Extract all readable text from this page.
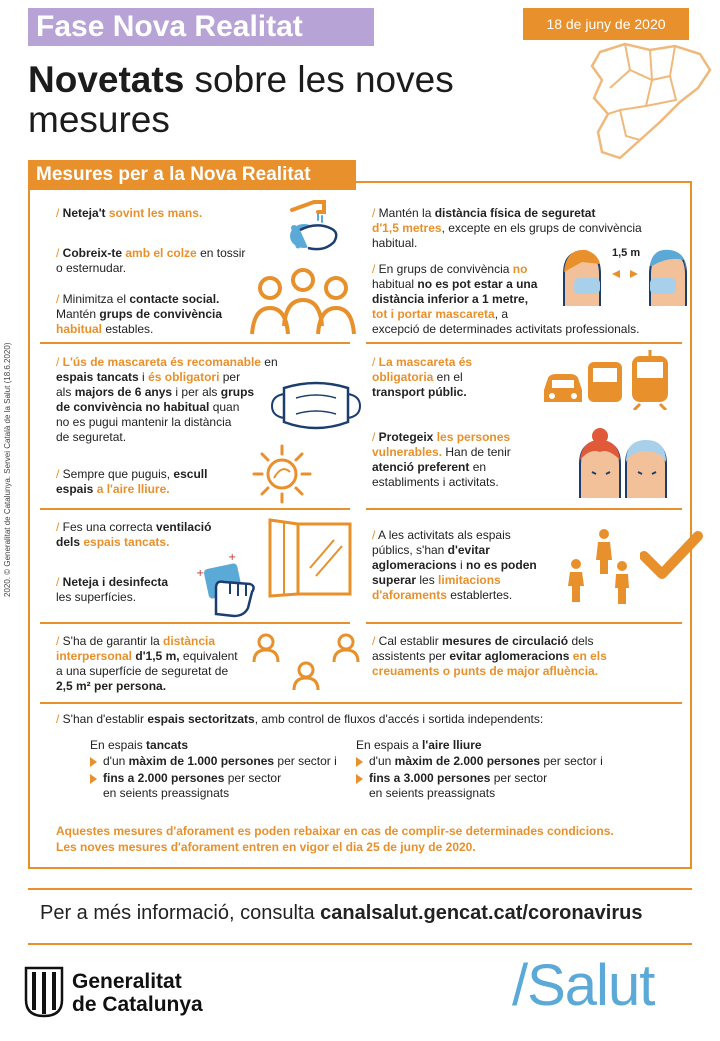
Fase Nova Realitat	18 de juny de 2020
Novetats sobre les noves
mesures
Mesures per a la Nova Realitat
2020. © Generalitat de Catalunya. Servei Català de la Salut (18.6.2020)
/ Neteja't sovint les mans.
/ Cobreix-te amb el colze en tossir
o esternudar.
/ Minimitza el contacte social.
Mantén grups de convivència
habitual estables.
/ L'ús de mascareta és recomanable en
espais tancats i és obligatori per
als majors de 6 anys i per als grups
de convivència no habitual quan
no es pugui mantenir la distància
de seguretat.
/ Sempre que puguis, escull
espais a l'aire lliure.
/ Fes una correcta ventilació
dels espais tancats.
/ Neteja i desinfecta
les superfícies.
+
+
/ S'ha de garantir la distància
interpersonal d'1,5 m, equivalent
a una superfície de seguretat de
2,5 m² per persona.
/ Mantén la distància física de seguretat
d'1,5 metres, excepte en els grups de convivència
habitual.
/ En grups de convivència no
habitual no es pot estar a una
distància inferior a 1 metre,
tot i portar mascareta, a
excepció de determinades activitats professionals.
1,5 m
/ La mascareta és
obligatoria en el
transport públic.
/ Protegeix les persones
vulnerables. Han de tenir
atenció preferent en
establiments i activitats.
/ A les activitats als espais
públics, s'han d'evitar
aglomeracions i no es poden
superar les limitacions
d'aforaments establertes.
/ Cal establir mesures de circulació dels
assistents per evitar aglomeracions en els
creuaments o punts de major afluència.
/ S'han d'establir espais sectoritzats, amb control de fluxos d'accés i sortida independents:
En espais tancats
d'un màxim de 1.000 persones per sector i
fins a 2.000 persones per sector
en seients preassignats
En espais a l'aire lliure
d'un màxim de 2.000 persones per sector i
fins a 3.000 persones per sector
en seients preassignats
Aquestes mesures d'aforament es poden rebaixar en cas de complir-se determinades condicions.
Les noves mesures d'aforament entren en vigor el dia 25 de juny de 2020.
Per a més informació, consulta canalsalut.gencat.cat/coronavirus
Generalitat
de Catalunya	/Salut
